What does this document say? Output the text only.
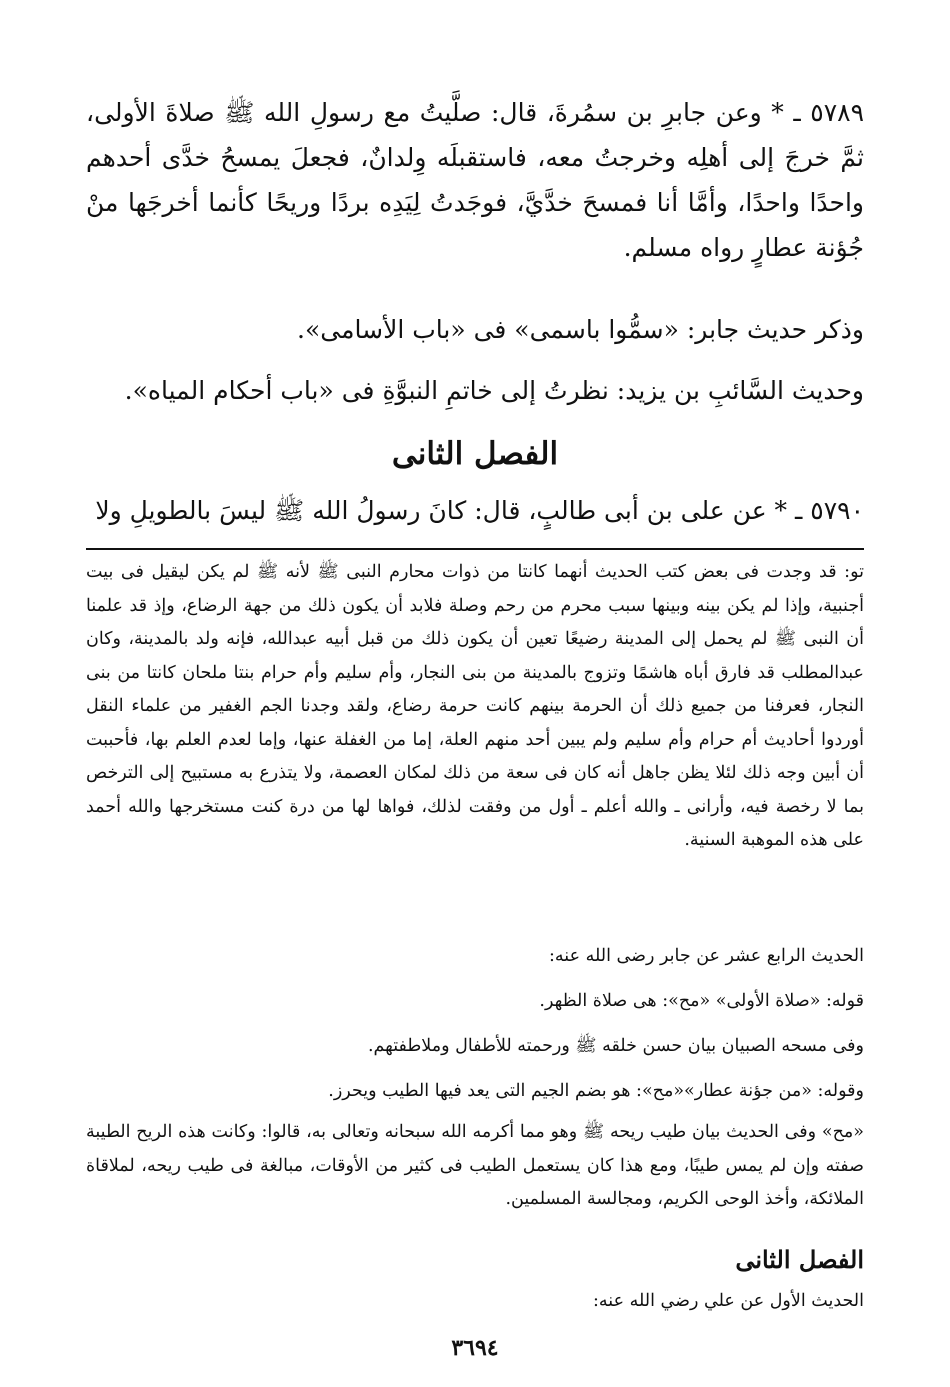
٥٧٨٩ ـ * وعن جابرِ بن سمُرةَ، قال: صلَّيتُ مع رسولِ الله ﷺ صلاةَ الأولى، ثمَّ خرجَ إلى أهلِه وخرجتُ معه، فاستقبلَه وِلدانٌ، فجعلَ يمسحُ خدَّى أحدهم واحدًا واحدًا، وأمَّا أنا فمسحَ خدَّيَّ، فوجَدتُ لِيَدِه بردًا وريحًا كأنما أخرجَها منْ جُؤنة عطارٍ رواه مسلم.

وذكر حديث جابر: «سمُّوا باسمى» فى «باب الأسامى».

وحديث السَّائبِ بن يزيد: نظرتُ إلى خاتمِ النبوَّةِ فى «باب أحكام المياه».

الفصل الثانى

٥٧٩٠ ـ * عن على بن أبى طالبٍ، قال: كانَ رسولُ الله ﷺ ليسَ بالطويلِ ولا

تو: قد وجدت فى بعض كتب الحديث أنهما كانتا من ذوات محارم النبى ﷺ لأنه ﷺ لم يكن ليقيل فى بيت أجنبية، وإذا لم يكن بينه وبينها سبب محرم من رحم وصلة فلابد أن يكون ذلك من جهة الرضاع، وإذ قد علمنا أن النبى ﷺ لم يحمل إلى المدينة رضيعًا تعين أن يكون ذلك من قبل أبيه عبدالله، فإنه ولد بالمدينة، وكان عبدالمطلب قد فارق أباه هاشمًا وتزوج بالمدينة من بنى النجار، وأم سليم وأم حرام بنتا ملحان كانتا من بنى النجار، فعرفنا من جميع ذلك أن الحرمة بينهم كانت حرمة رضاع، ولقد وجدنا الجم الغفير من علماء النقل أوردوا أحاديث أم حرام وأم سليم ولم يبين أحد منهم العلة، إما من الغفلة عنها، وإما لعدم العلم بها، فأحببت أن أبين وجه ذلك لئلا يظن جاهل أنه كان فى سعة من ذلك لمكان العصمة، ولا يتذرع به مستبيح إلى الترخص بما لا رخصة فيه، وأرانى ـ والله أعلم ـ أول من وفقت لذلك، فواها لها من درة كنت مستخرجها والله أحمد على هذه الموهبة السنية.

الحديث الرابع عشر عن جابر رضى الله عنه:

قوله: «صلاة الأولى» «مح»: هى صلاة الظهر.

وفى مسحه الصبيان بيان حسن خلقه ﷺ ورحمته للأطفال وملاطفتهم.

وقوله: «من جؤنة عطار»«مح»: هو بضم الجيم التى يعد فيها الطيب ويحرز.

«مح» وفى الحديث بيان طيب ريحه ﷺ وهو مما أكرمه الله سبحانه وتعالى به، قالوا: وكانت هذه الريح الطيبة صفته وإن لم يمس طيبًا، ومع هذا كان يستعمل الطيب فى كثير من الأوقات، مبالغة فى طيب ريحه، لملاقاة الملائكة، وأخذ الوحى الكريم، ومجالسة المسلمين.

الفصل الثانى

الحديث الأول عن علي رضي الله عنه:

٣٦٩٤
